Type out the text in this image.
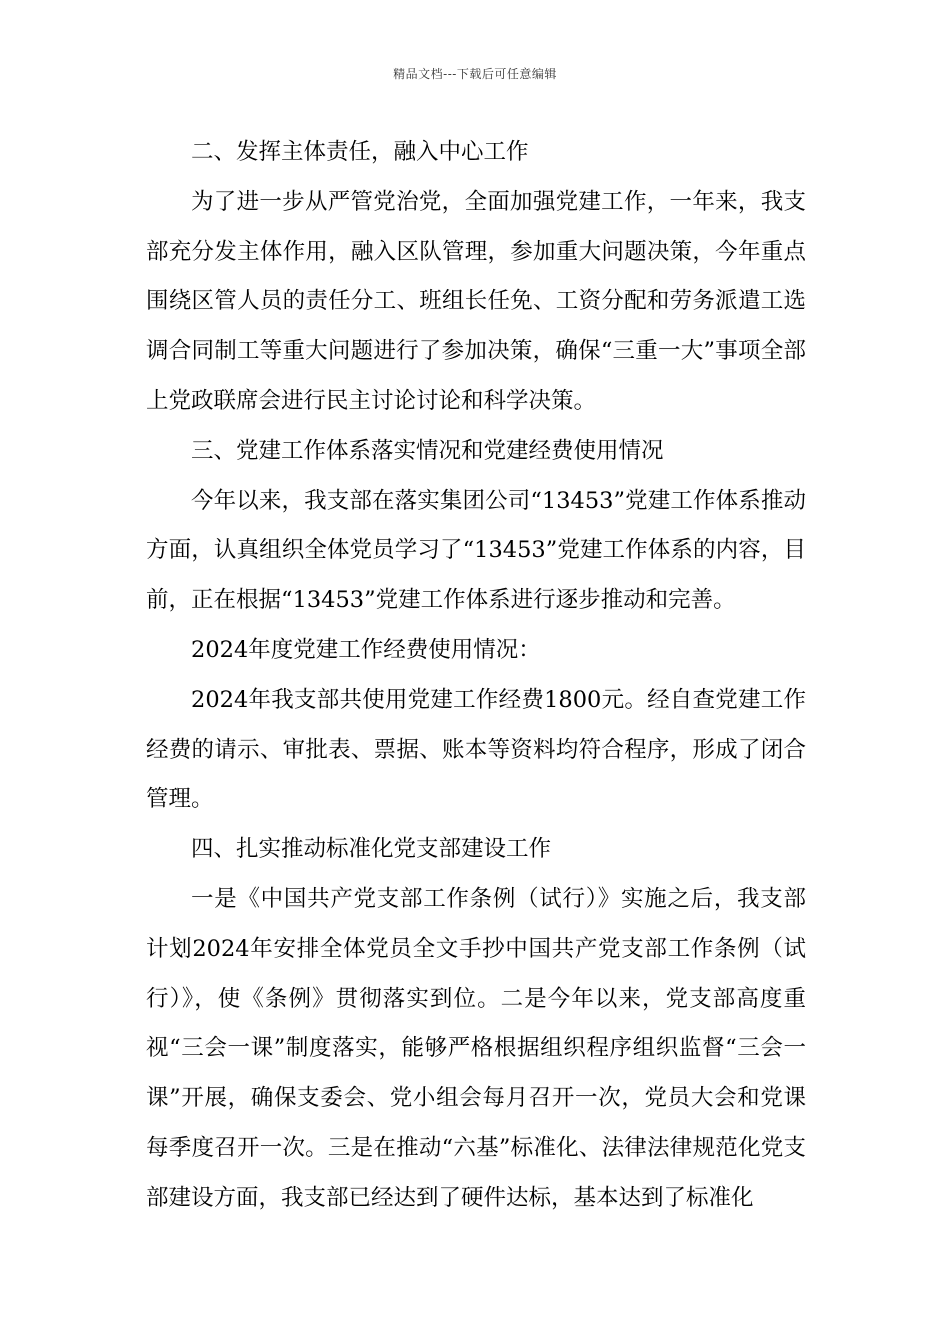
精品文档---下载后可任意编辑

二、发挥主体责任，融入中心工作

为了进一步从严管党治党，全面加强党建工作，一年来，我支部充分发主体作用，融入区队管理，参加重大问题决策，今年重点围绕区管人员的责任分工、班组长任免、工资分配和劳务派遣工选调合同制工等重大问题进行了参加决策，确保“三重一大”事项全部上党政联席会进行民主讨论讨论和科学决策。

三、党建工作体系落实情况和党建经费使用情况

今年以来，我支部在落实集团公司“13453”党建工作体系推动方面，认真组织全体党员学习了“13453”党建工作体系的内容，目前，正在根据“13453”党建工作体系进行逐步推动和完善。

2024年度党建工作经费使用情况：

2024年我支部共使用党建工作经费1800元。经自查党建工作经费的请示、审批表、票据、账本等资料均符合程序，形成了闭合管理。

四、扎实推动标准化党支部建设工作

一是《中国共产党支部工作条例（试行）》实施之后，我支部计划2024年安排全体党员全文手抄中国共产党支部工作条例（试行）》，使《条例》贯彻落实到位。二是今年以来，党支部高度重视“三会一课”制度落实，能够严格根据组织程序组织监督“三会一课”开展，确保支委会、党小组会每月召开一次，党员大会和党课每季度召开一次。三是在推动“六基”标准化、法律法律规范化党支部建设方面，我支部已经达到了硬件达标，基本达到了标准化
